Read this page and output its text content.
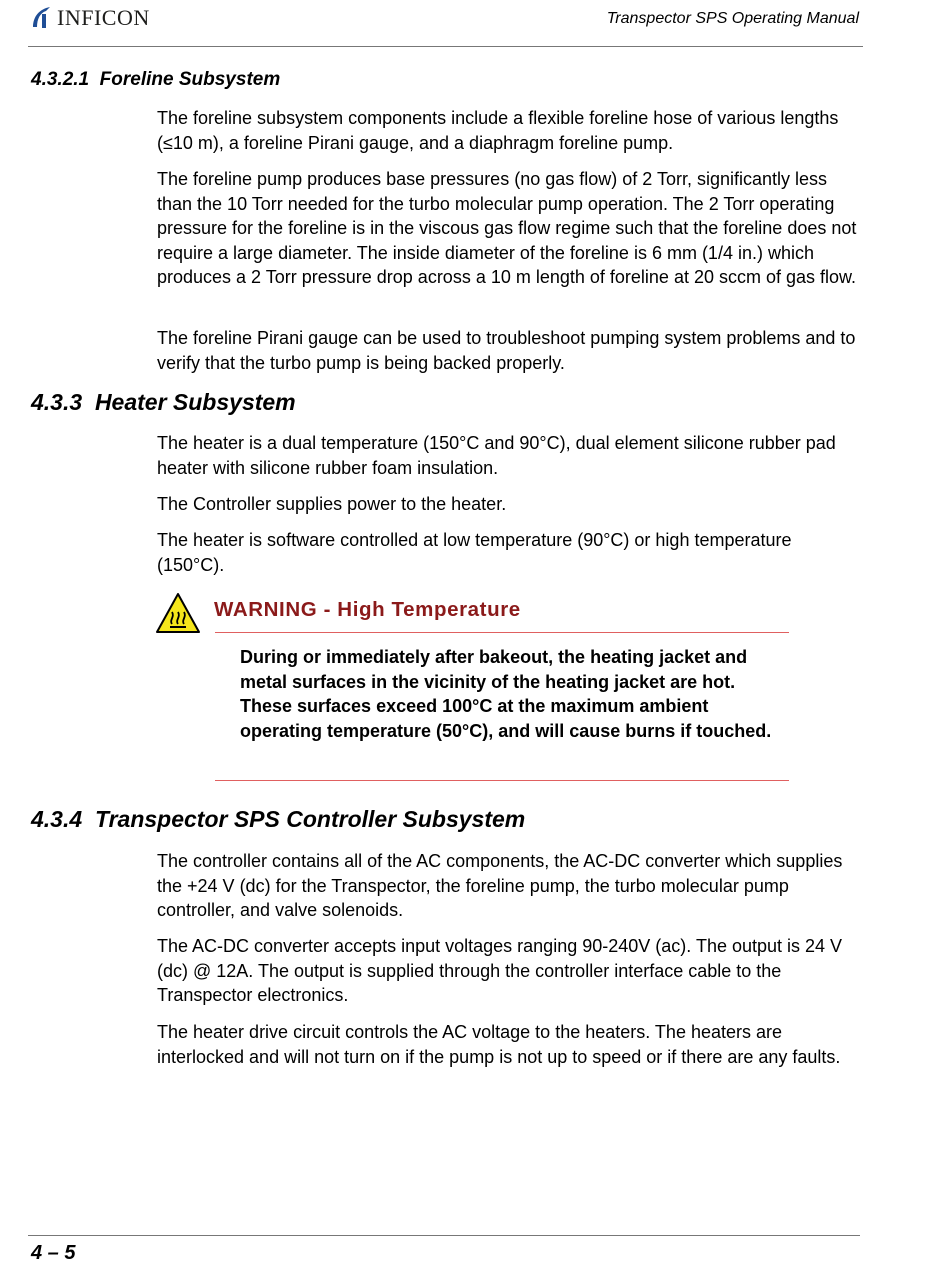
INFICON	Transpector SPS Operating Manual
4.3.2.1 Foreline Subsystem

The foreline subsystem components include a flexible foreline hose of various lengths (≤10 m), a foreline Pirani gauge, and a diaphragm foreline pump.

The foreline pump produces base pressures (no gas flow) of 2 Torr, significantly less than the 10 Torr needed for the turbo molecular pump operation. The 2 Torr operating pressure for the foreline is in the viscous gas flow regime such that the foreline does not require a large diameter. The inside diameter of the foreline is 6 mm (1/4 in.) which produces a 2 Torr pressure drop across a 10 m length of foreline at 20 sccm of gas flow.

The foreline Pirani gauge can be used to troubleshoot pumping system problems and to verify that the turbo pump is being backed properly.

4.3.3 Heater Subsystem

The heater is a dual temperature (150°C and 90°C), dual element silicone rubber pad heater with silicone rubber foam insulation.

The Controller supplies power to the heater.

The heater is software controlled at low temperature (90°C) or high temperature (150°C).

WARNING - High Temperature

During or immediately after bakeout, the heating jacket and metal surfaces in the vicinity of the heating jacket are hot. These surfaces exceed 100°C at the maximum ambient operating temperature (50°C), and will cause burns if touched.

4.3.4 Transpector SPS Controller Subsystem

The controller contains all of the AC components, the AC-DC converter which supplies the +24 V (dc) for the Transpector, the foreline pump, the turbo molecular pump controller, and valve solenoids.

The AC-DC converter accepts input voltages ranging 90-240V (ac). The output is 24 V (dc) @ 12A. The output is supplied through the controller interface cable to the Transpector electronics.

The heater drive circuit controls the AC voltage to the heaters. The heaters are interlocked and will not turn on if the pump is not up to speed or if there are any faults.

4 – 5
